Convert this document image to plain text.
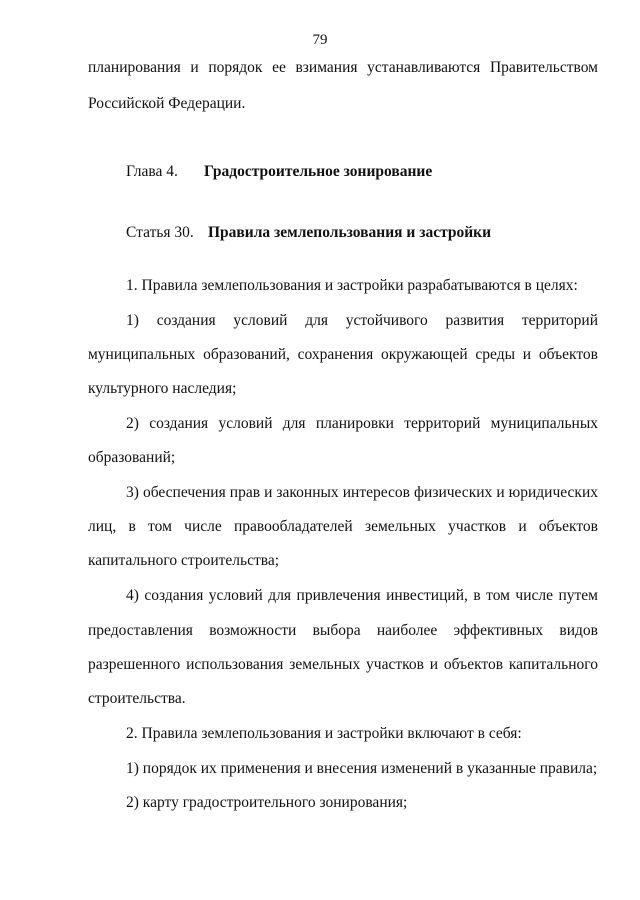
79
планирования и порядок ее взимания устанавливаются Правительством
Российской Федерации.
Глава 4. Градостроительное зонирование
Статья 30. Правила землепользования и застройки
1. Правила землепользования и застройки разрабатываются в целях:
1) создания условий для устойчивого развития территорий
муниципальных образований, сохранения окружающей среды и объектов
культурного наследия;
2) создания условий для планировки территорий муниципальных
образований;
3) обеспечения прав и законных интересов физических и юридических
лиц, в том числе правообладателей земельных участков и объектов
капитального строительства;
4) создания условий для привлечения инвестиций, в том числе путем
предоставления возможности выбора наиболее эффективных видов
разрешенного использования земельных участков и объектов капитального
строительства.
2. Правила землепользования и застройки включают в себя:
1) порядок их применения и внесения изменений в указанные правила;
2) карту градостроительного зонирования;
